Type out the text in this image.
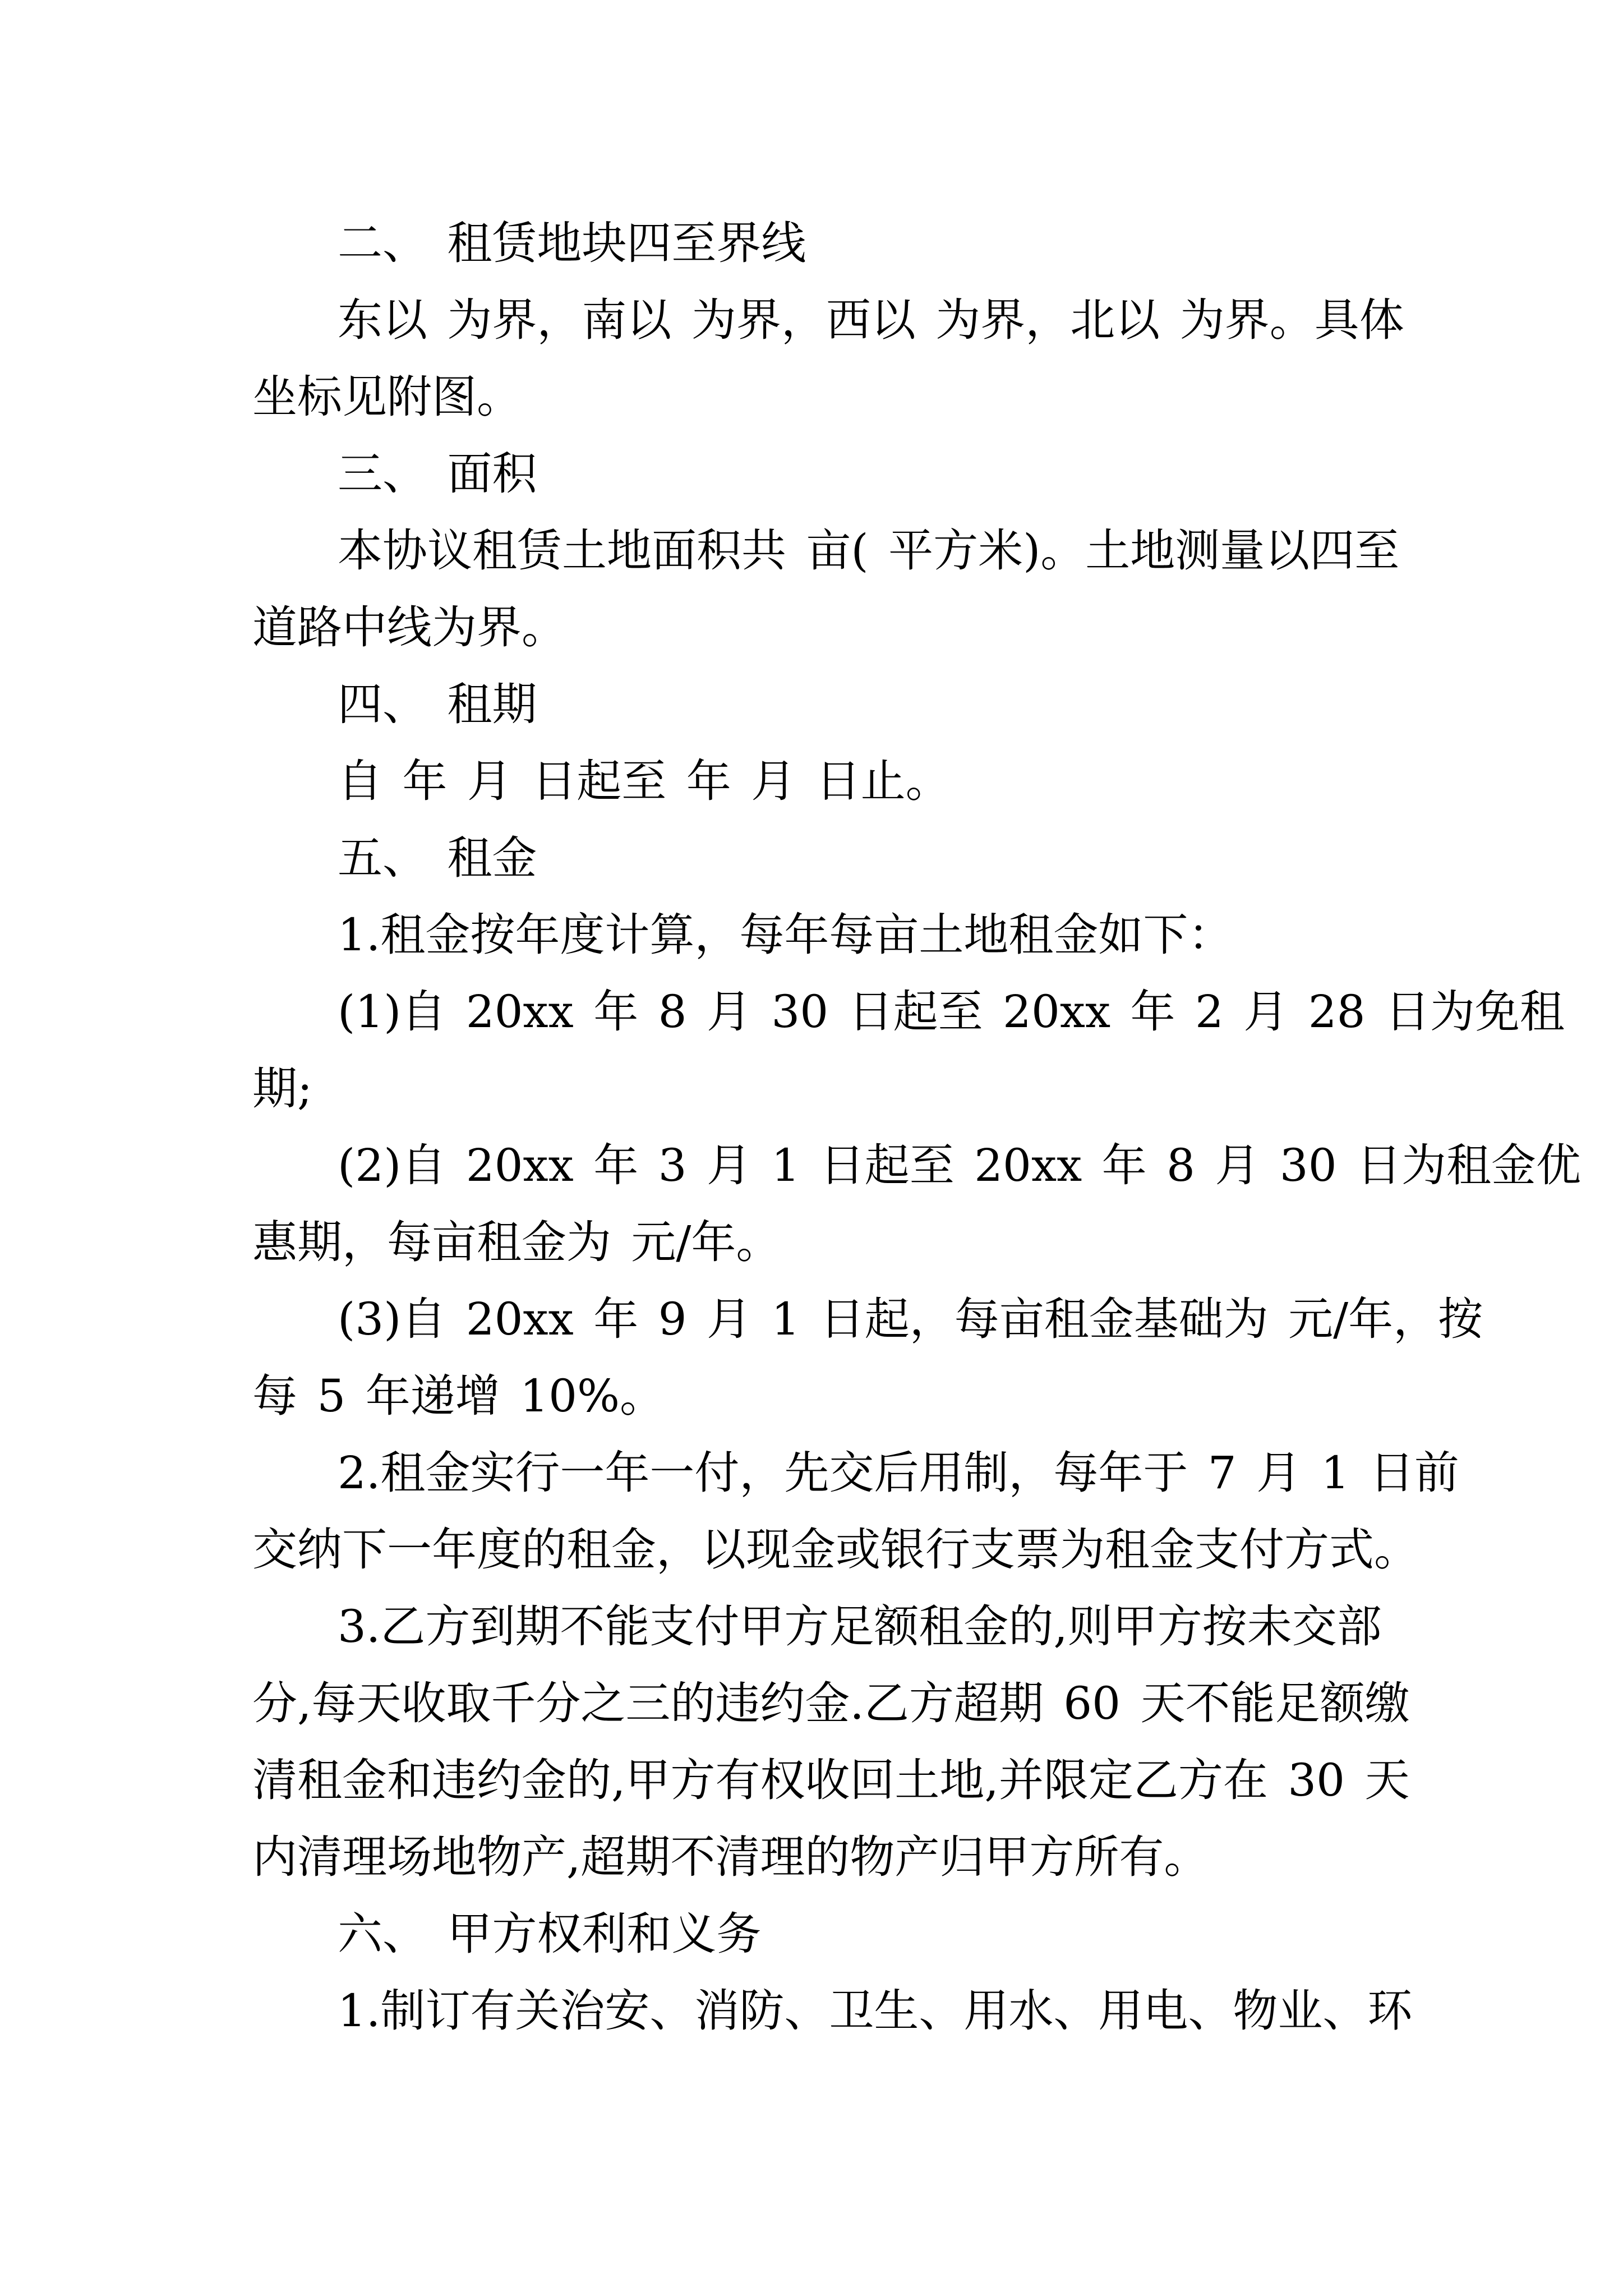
二、 租赁地块四至界线
东以 为界，南以 为界，西以 为界，北以 为界。具体
坐标见附图。
三、 面积
本协议租赁土地面积共 亩( 平方米)。土地测量以四至
道路中线为界。
四、 租期
自 年 月 日起至 年 月 日止。
五、 租金
1.租金按年度计算，每年每亩土地租金如下：
(1)自 20xx 年 8 月 30 日起至 20xx 年 2 月 28 日为免租
期;
(2)自 20xx 年 3 月 1 日起至 20xx 年 8 月 30 日为租金优
惠期，每亩租金为 元/年。
(3)自 20xx 年 9 月 1 日起，每亩租金基础为 元/年，按
每 5 年递增 10%。
2.租金实行一年一付，先交后用制，每年于 7 月 1 日前
交纳下一年度的租金，以现金或银行支票为租金支付方式。
3.乙方到期不能支付甲方足额租金的,则甲方按未交部
分,每天收取千分之三的违约金.乙方超期 60 天不能足额缴
清租金和违约金的,甲方有权收回土地,并限定乙方在 30 天
内清理场地物产,超期不清理的物产归甲方所有。
六、 甲方权利和义务
1.制订有关治安、消防、卫生、用水、用电、物业、环
